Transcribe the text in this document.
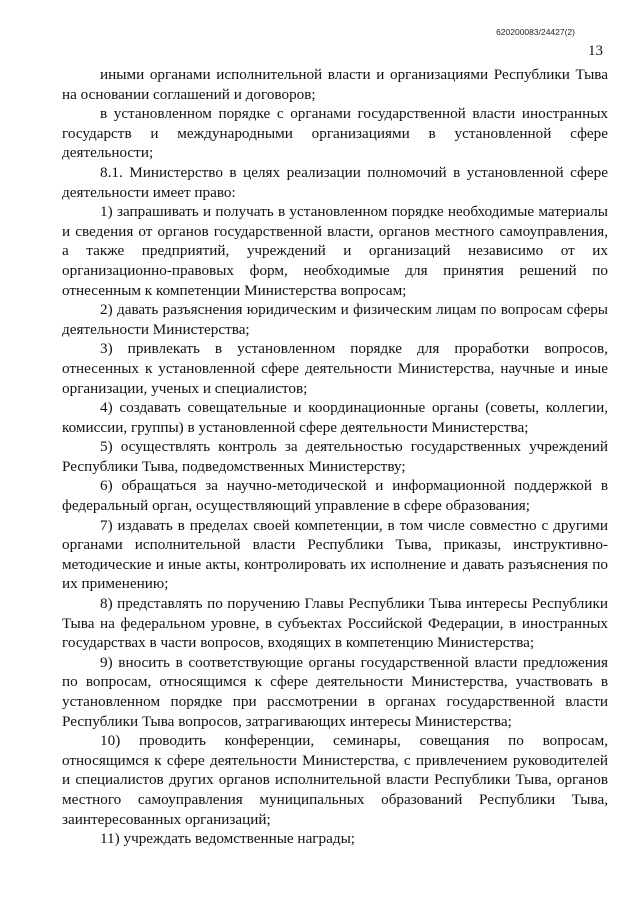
620200083/24427(2)
13

иными органами исполнительной власти и организациями Республики Тыва на основании соглашений и договоров;

в установленном порядке с органами государственной власти иностранных государств и международными организациями в установленной сфере деятельности;

8.1. Министерство в целях реализации полномочий в установленной сфере деятельности имеет право:

1) запрашивать и получать в установленном порядке необходимые материалы и сведения от органов государственной власти, органов местного самоуправления, а также предприятий, учреждений и организаций независимо от их организационно-правовых форм, необходимые для принятия решений по отнесенным к компетенции Министерства вопросам;

2) давать разъяснения юридическим и физическим лицам по вопросам сферы деятельности Министерства;

3) привлекать в установленном порядке для проработки вопросов, отнесенных к установленной сфере деятельности Министерства, научные и иные организации, ученых и специалистов;

4) создавать совещательные и координационные органы (советы, коллегии, комиссии, группы) в установленной сфере деятельности Министерства;

5) осуществлять контроль за деятельностью государственных учреждений Республики Тыва, подведомственных Министерству;

6) обращаться за научно-методической и информационной поддержкой в федеральный орган, осуществляющий управление в сфере образования;

7) издавать в пределах своей компетенции, в том числе совместно с другими органами исполнительной власти Республики Тыва, приказы, инструктивно-методические и иные акты, контролировать их исполнение и давать разъяснения по их применению;

8) представлять по поручению Главы Республики Тыва интересы Республики Тыва на федеральном уровне, в субъектах Российской Федерации, в иностранных государствах в части вопросов, входящих в компетенцию Министерства;

9) вносить в соответствующие органы государственной власти предложения по вопросам, относящимся к сфере деятельности Министерства, участвовать в установленном порядке при рассмотрении в органах государственной власти Республики Тыва вопросов, затрагивающих интересы Министерства;

10) проводить конференции, семинары, совещания по вопросам, относящимся к сфере деятельности Министерства, с привлечением руководителей и специалистов других органов исполнительной власти Республики Тыва, органов местного самоуправления муниципальных образований Республики Тыва, заинтересованных организаций;

11) учреждать ведомственные награды;
